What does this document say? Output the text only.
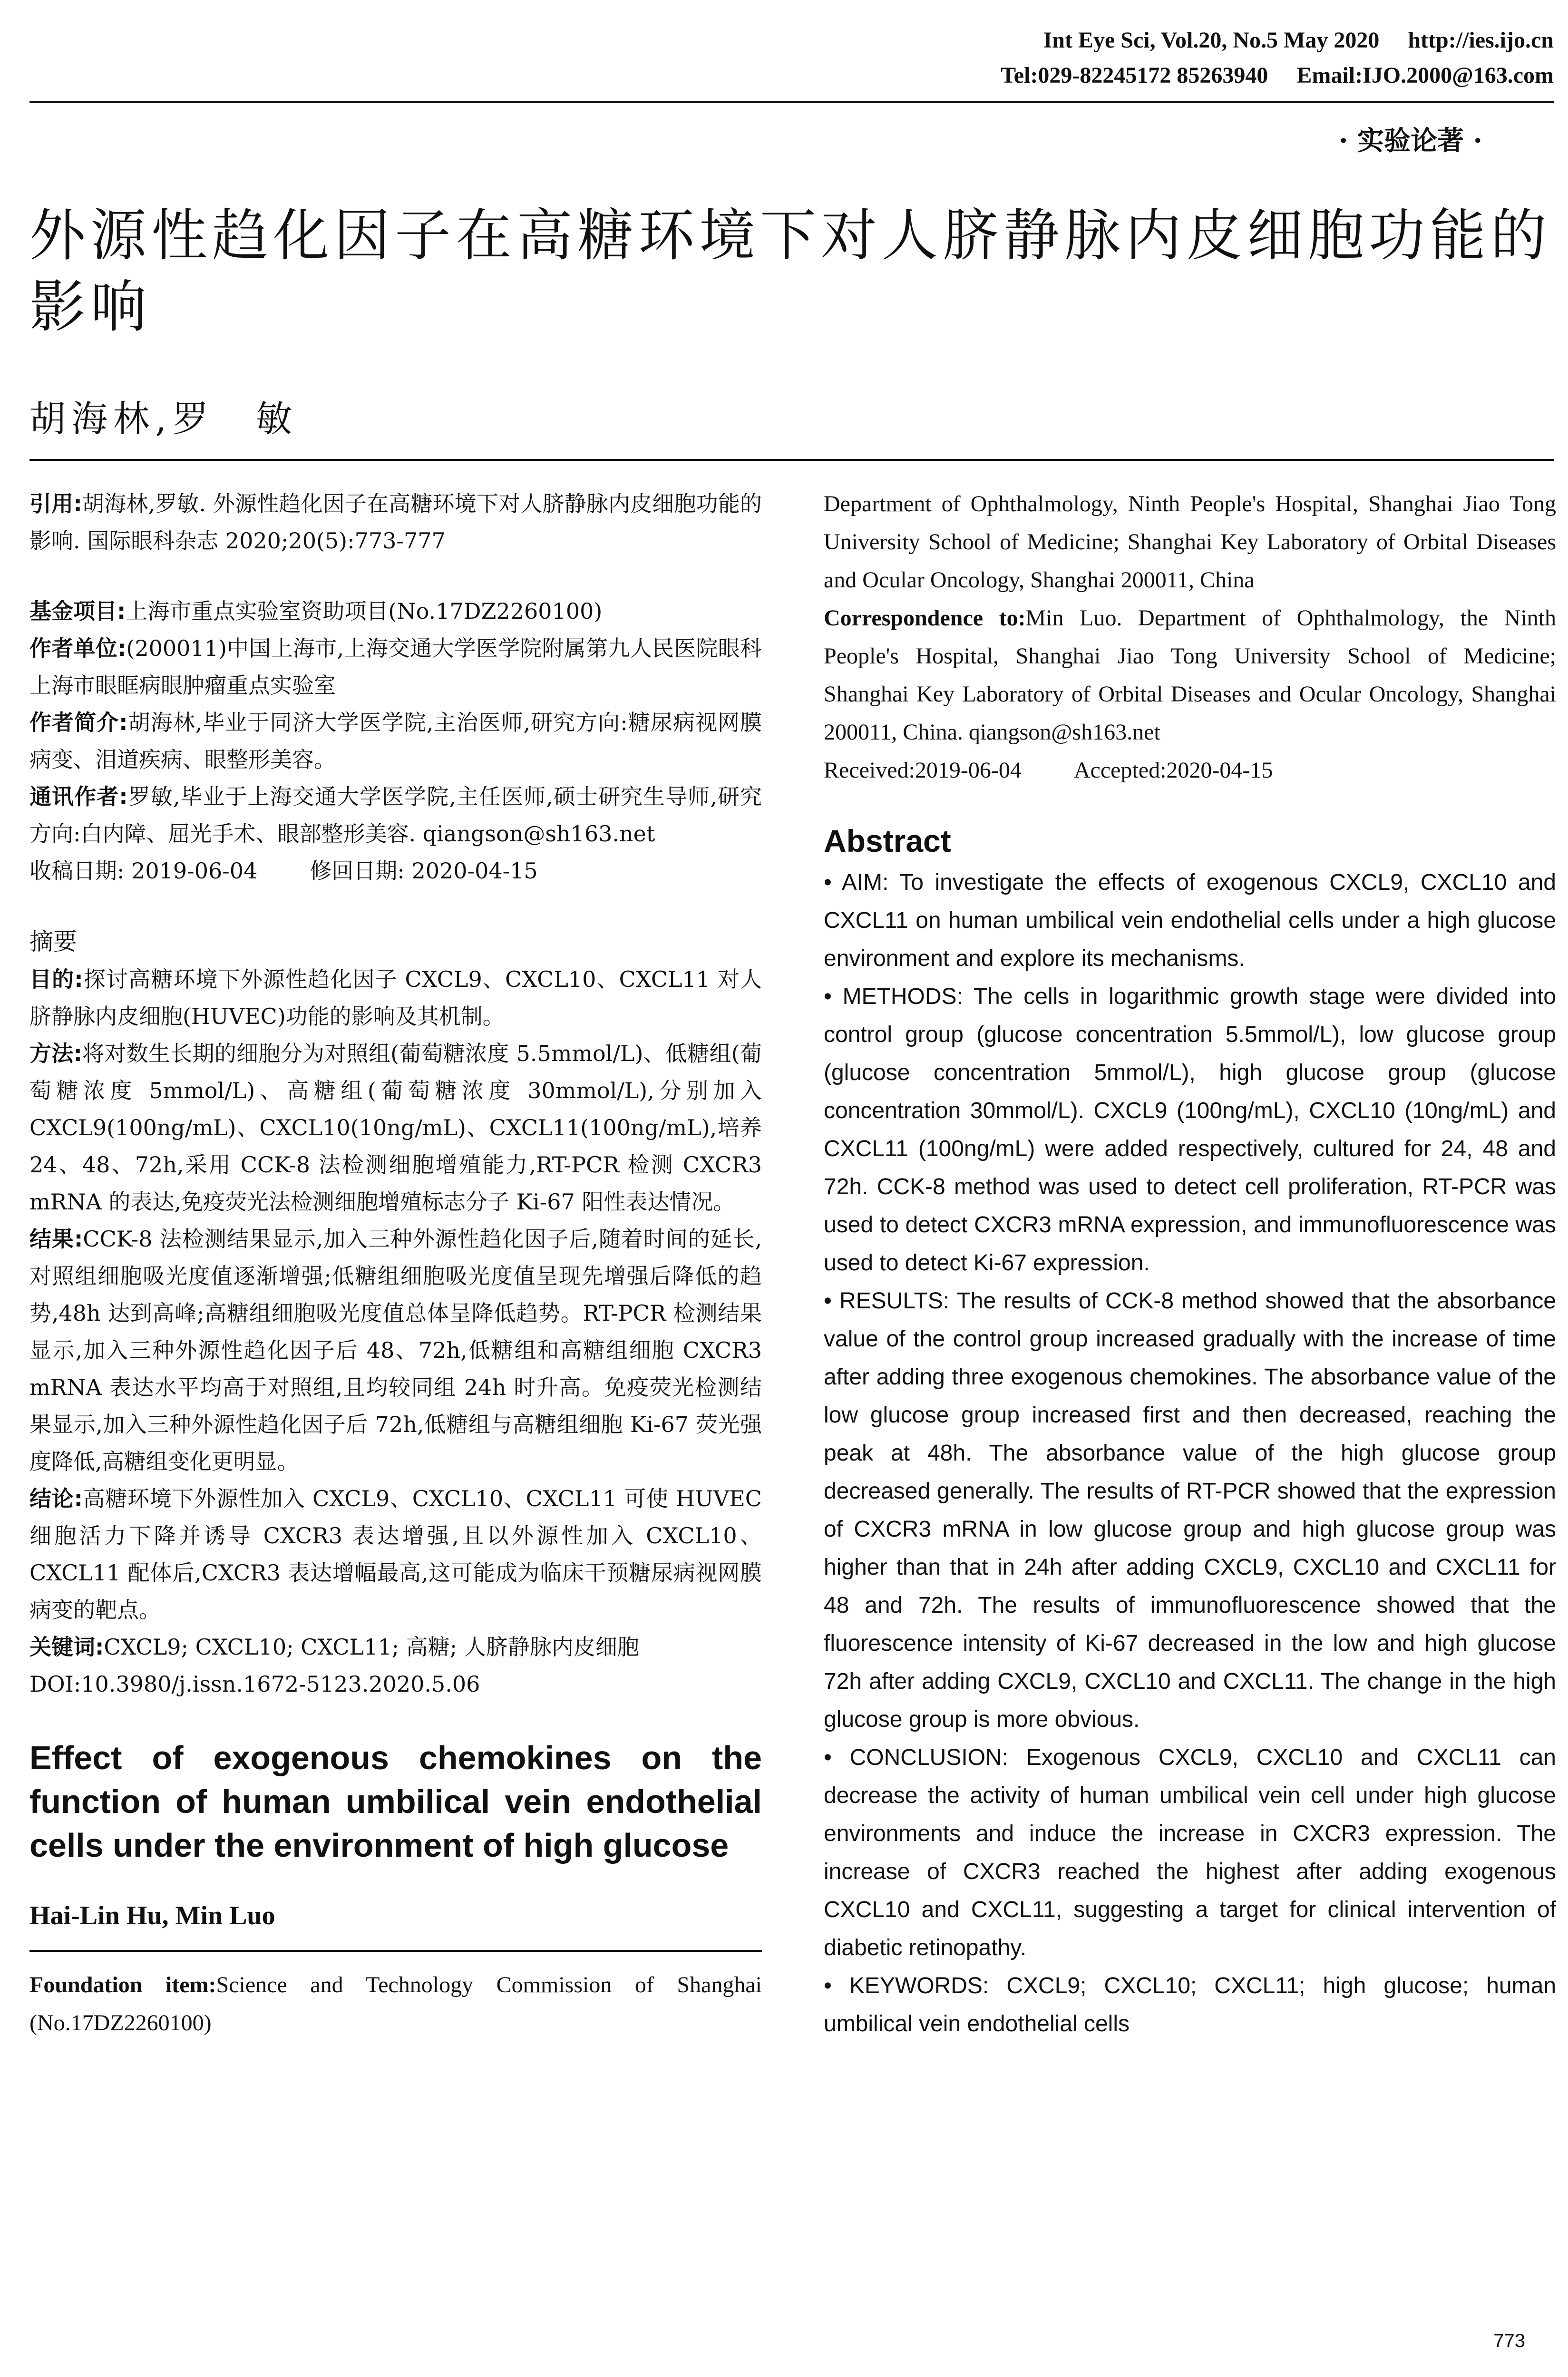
Int Eye Sci, Vol.20, No.5 May 2020 http://ies.ijo.cn
Tel:029-82245172 85263940 Email:IJO.2000@163.com
· 实验论著 ·
外源性趋化因子在高糖环境下对人脐静脉内皮细胞功能的影响
胡海林,罗　敏

引用:胡海林,罗敏. 外源性趋化因子在高糖环境下对人脐静脉内皮细胞功能的影响. 国际眼科杂志 2020;20(5):773-777

基金项目:上海市重点实验室资助项目(No.17DZ2260100)

作者单位:(200011)中国上海市,上海交通大学医学院附属第九人民医院眼科 上海市眼眶病眼肿瘤重点实验室

作者简介:胡海林,毕业于同济大学医学院,主治医师,研究方向:糖尿病视网膜病变、泪道疾病、眼整形美容。

通讯作者:罗敏,毕业于上海交通大学医学院,主任医师,硕士研究生导师,研究方向:白内障、屈光手术、眼部整形美容. qiangson@sh163.net

收稿日期: 2019-06-04 修回日期: 2020-04-15

摘要

目的:探讨高糖环境下外源性趋化因子 CXCL9、CXCL10、CXCL11 对人脐静脉内皮细胞(HUVEC)功能的影响及其机制。

方法:将对数生长期的细胞分为对照组(葡萄糖浓度 5.5mmol/L)、低糖组(葡萄糖浓度 5mmol/L)、高糖组(葡萄糖浓度 30mmol/L),分别加入 CXCL9(100ng/mL)、CXCL10(10ng/mL)、CXCL11(100ng/mL),培养 24、48、72h,采用 CCK-8 法检测细胞增殖能力,RT-PCR 检测 CXCR3 mRNA 的表达,免疫荧光法检测细胞增殖标志分子 Ki-67 阳性表达情况。

结果:CCK-8 法检测结果显示,加入三种外源性趋化因子后,随着时间的延长,对照组细胞吸光度值逐渐增强;低糖组细胞吸光度值呈现先增强后降低的趋势,48h 达到高峰;高糖组细胞吸光度值总体呈降低趋势。RT-PCR 检测结果显示,加入三种外源性趋化因子后 48、72h,低糖组和高糖组细胞 CXCR3 mRNA 表达水平均高于对照组,且均较同组 24h 时升高。免疫荧光检测结果显示,加入三种外源性趋化因子后 72h,低糖组与高糖组细胞 Ki-67 荧光强度降低,高糖组变化更明显。

结论:高糖环境下外源性加入 CXCL9、CXCL10、CXCL11 可使 HUVEC 细胞活力下降并诱导 CXCR3 表达增强,且以外源性加入 CXCL10、CXCL11 配体后,CXCR3 表达增幅最高,这可能成为临床干预糖尿病视网膜病变的靶点。

关键词:CXCL9; CXCL10; CXCL11; 高糖; 人脐静脉内皮细胞

DOI:10.3980/j.issn.1672-5123.2020.5.06

Effect of exogenous chemokines on the function of human umbilical vein endothelial cells under the environment of high glucose

Hai-Lin Hu, Min Luo

Foundation item:Science and Technology Commission of Shanghai (No.17DZ2260100)

Department of Ophthalmology, Ninth People's Hospital, Shanghai Jiao Tong University School of Medicine; Shanghai Key Laboratory of Orbital Diseases and Ocular Oncology, Shanghai 200011, China

Correspondence to:Min Luo. Department of Ophthalmology, the Ninth People's Hospital, Shanghai Jiao Tong University School of Medicine; Shanghai Key Laboratory of Orbital Diseases and Ocular Oncology, Shanghai 200011, China. qiangson@sh163.net

Received:2019-06-04 Accepted:2020-04-15

Abstract

• AIM: To investigate the effects of exogenous CXCL9, CXCL10 and CXCL11 on human umbilical vein endothelial cells under a high glucose environment and explore its mechanisms.

• METHODS: The cells in logarithmic growth stage were divided into control group (glucose concentration 5.5mmol/L), low glucose group (glucose concentration 5mmol/L), high glucose group (glucose concentration 30mmol/L). CXCL9 (100ng/mL), CXCL10 (10ng/mL) and CXCL11 (100ng/mL) were added respectively, cultured for 24, 48 and 72h. CCK-8 method was used to detect cell proliferation, RT-PCR was used to detect CXCR3 mRNA expression, and immunofluorescence was used to detect Ki-67 expression.

• RESULTS: The results of CCK-8 method showed that the absorbance value of the control group increased gradually with the increase of time after adding three exogenous chemokines. The absorbance value of the low glucose group increased first and then decreased, reaching the peak at 48h. The absorbance value of the high glucose group decreased generally. The results of RT-PCR showed that the expression of CXCR3 mRNA in low glucose group and high glucose group was higher than that in 24h after adding CXCL9, CXCL10 and CXCL11 for 48 and 72h. The results of immunofluorescence showed that the fluorescence intensity of Ki-67 decreased in the low and high glucose 72h after adding CXCL9, CXCL10 and CXCL11. The change in the high glucose group is more obvious.

• CONCLUSION: Exogenous CXCL9, CXCL10 and CXCL11 can decrease the activity of human umbilical vein cell under high glucose environments and induce the increase in CXCR3 expression. The increase of CXCR3 reached the highest after adding exogenous CXCL10 and CXCL11, suggesting a target for clinical intervention of diabetic retinopathy.

• KEYWORDS: CXCL9; CXCL10; CXCL11; high glucose; human umbilical vein endothelial cells

773
